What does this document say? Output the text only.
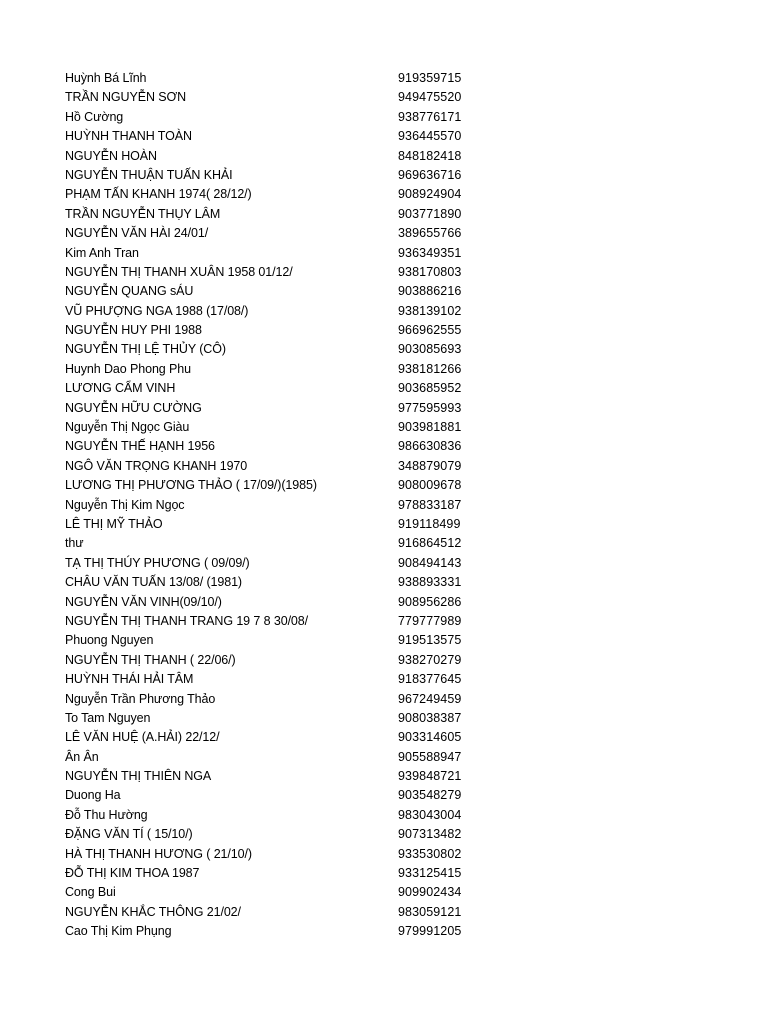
Huỳnh Bá Lĩnh	919359715
TRẦN NGUYỄN SƠN	949475520
Hồ Cường	938776171
HUỲNH THANH TOÀN	936445570
NGUYỄN HOÀN	848182418
NGUYỄN THUẬN TUẤN KHẢI	969636716
PHẠM TẤN KHANH 1974( 28/12/)	908924904
TRẦN NGUYỄN THỤY LÂM	903771890
NGUYỄN VĂN HÀI 24/01/	389655766
Kim Anh Tran	936349351
NGUYỄN THỊ THANH XUÂN 1958 01/12/	938170803
NGUYỄN QUANG sÁU	903886216
VŨ PHƯỢNG NGA 1988 (17/08/)	938139102
NGUYỄN HUY PHI 1988	966962555
NGUYỄN THỊ LỆ THỦY (CÔ)	903085693
Huynh Dao Phong Phu	938181266
LƯƠNG CẨM VINH	903685952
NGUYỄN HỮU CƯỜNG	977595993
Nguyễn Thị Ngọc Giàu	903981881
NGUYỄN THẾ HẠNH 1956	986630836
NGÔ VĂN TRỌNG KHANH 1970	348879079
LƯƠNG THỊ PHƯƠNG THẢO ( 17/09/)(1985)	908009678
Nguyễn Thị Kim Ngọc	978833187
LÊ THỊ MỸ THẢO	919118499
thư	916864512
TẠ THỊ THÚY PHƯƠNG ( 09/09/)	908494143
CHÂU VĂN TUẤN 13/08/ (1981)	938893331
NGUYỄN VĂN VINH(09/10/)	908956286
NGUYỄN THỊ THANH TRANG 19 7 8 30/08/	779777989
Phuong Nguyen	919513575
NGUYỄN THỊ THANH ( 22/06/)	938270279
HUỲNH THÁI HẢI TÂM	918377645
Nguyễn Trần Phương Thảo	967249459
To Tam Nguyen	908038387
LÊ VĂN HUỆ (A.HẢI) 22/12/	903314605
Ân Ân	905588947
NGUYỄN THỊ THIÊN NGA	939848721
Duong Ha	903548279
Đỗ Thu Hường	983043004
ĐẶNG VĂN TÍ ( 15/10/)	907313482
HÀ THỊ THANH HƯƠNG ( 21/10/)	933530802
ĐỖ THỊ KIM THOA 1987	933125415
Cong Bui	909902434
NGUYỄN KHẮC THÔNG 21/02/	983059121
Cao Thị Kim Phụng	979991205
